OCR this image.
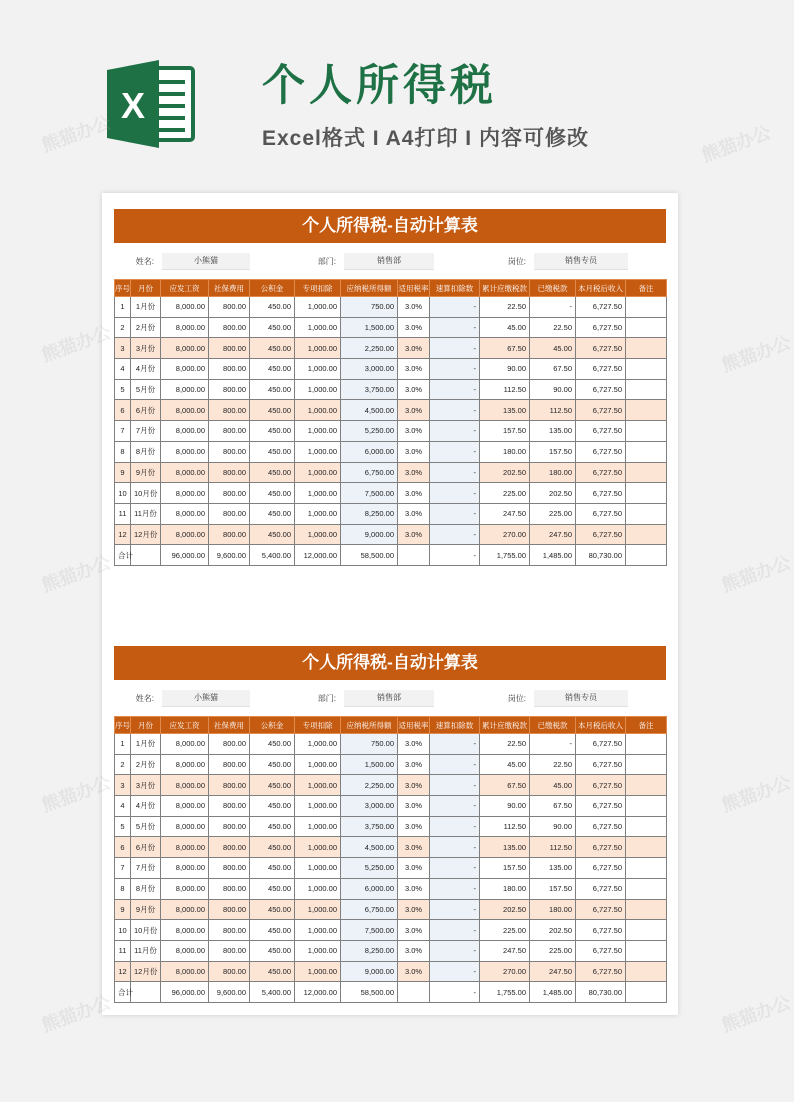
X	个人所得税
Excel格式 I A4打印 I 内容可修改
个人所得税-自动计算表
姓名:	小熊猫	部门:	销售部	岗位:	销售专员
序号	月份	应发工资	社保费用	公积金	专项扣除	应纳税所得额	适用税率	速算扣除数	累计应缴税款	已缴税款	本月税后收入	备注
1	1月份	8,000.00	800.00	450.00	1,000.00	750.00	3.0%	-	22.50	-	6,727.50	
2	2月份	8,000.00	800.00	450.00	1,000.00	1,500.00	3.0%	-	45.00	22.50	6,727.50	
3	3月份	8,000.00	800.00	450.00	1,000.00	2,250.00	3.0%	-	67.50	45.00	6,727.50	
4	4月份	8,000.00	800.00	450.00	1,000.00	3,000.00	3.0%	-	90.00	67.50	6,727.50	
5	5月份	8,000.00	800.00	450.00	1,000.00	3,750.00	3.0%	-	112.50	90.00	6,727.50	
6	6月份	8,000.00	800.00	450.00	1,000.00	4,500.00	3.0%	-	135.00	112.50	6,727.50	
7	7月份	8,000.00	800.00	450.00	1,000.00	5,250.00	3.0%	-	157.50	135.00	6,727.50	
8	8月份	8,000.00	800.00	450.00	1,000.00	6,000.00	3.0%	-	180.00	157.50	6,727.50	
9	9月份	8,000.00	800.00	450.00	1,000.00	6,750.00	3.0%	-	202.50	180.00	6,727.50	
10	10月份	8,000.00	800.00	450.00	1,000.00	7,500.00	3.0%	-	225.00	202.50	6,727.50	
11	11月份	8,000.00	800.00	450.00	1,000.00	8,250.00	3.0%	-	247.50	225.00	6,727.50	
12	12月份	8,000.00	800.00	450.00	1,000.00	9,000.00	3.0%	-	270.00	247.50	6,727.50	
合计		96,000.00	9,600.00	5,400.00	12,000.00	58,500.00		-	1,755.00	1,485.00	80,730.00	
个人所得税-自动计算表
姓名:	小熊猫	部门:	销售部	岗位:	销售专员
序号	月份	应发工资	社保费用	公积金	专项扣除	应纳税所得额	适用税率	速算扣除数	累计应缴税款	已缴税款	本月税后收入	备注
1	1月份	8,000.00	800.00	450.00	1,000.00	750.00	3.0%	-	22.50	-	6,727.50	
2	2月份	8,000.00	800.00	450.00	1,000.00	1,500.00	3.0%	-	45.00	22.50	6,727.50	
3	3月份	8,000.00	800.00	450.00	1,000.00	2,250.00	3.0%	-	67.50	45.00	6,727.50	
4	4月份	8,000.00	800.00	450.00	1,000.00	3,000.00	3.0%	-	90.00	67.50	6,727.50	
5	5月份	8,000.00	800.00	450.00	1,000.00	3,750.00	3.0%	-	112.50	90.00	6,727.50	
6	6月份	8,000.00	800.00	450.00	1,000.00	4,500.00	3.0%	-	135.00	112.50	6,727.50	
7	7月份	8,000.00	800.00	450.00	1,000.00	5,250.00	3.0%	-	157.50	135.00	6,727.50	
8	8月份	8,000.00	800.00	450.00	1,000.00	6,000.00	3.0%	-	180.00	157.50	6,727.50	
9	9月份	8,000.00	800.00	450.00	1,000.00	6,750.00	3.0%	-	202.50	180.00	6,727.50	
10	10月份	8,000.00	800.00	450.00	1,000.00	7,500.00	3.0%	-	225.00	202.50	6,727.50	
11	11月份	8,000.00	800.00	450.00	1,000.00	8,250.00	3.0%	-	247.50	225.00	6,727.50	
12	12月份	8,000.00	800.00	450.00	1,000.00	9,000.00	3.0%	-	270.00	247.50	6,727.50	
合计		96,000.00	9,600.00	5,400.00	12,000.00	58,500.00		-	1,755.00	1,485.00	80,730.00	
熊猫办公	熊猫办公
熊猫办公	熊猫办公
熊猫办公	熊猫办公
熊猫办公	熊猫办公
熊猫办公	熊猫办公
